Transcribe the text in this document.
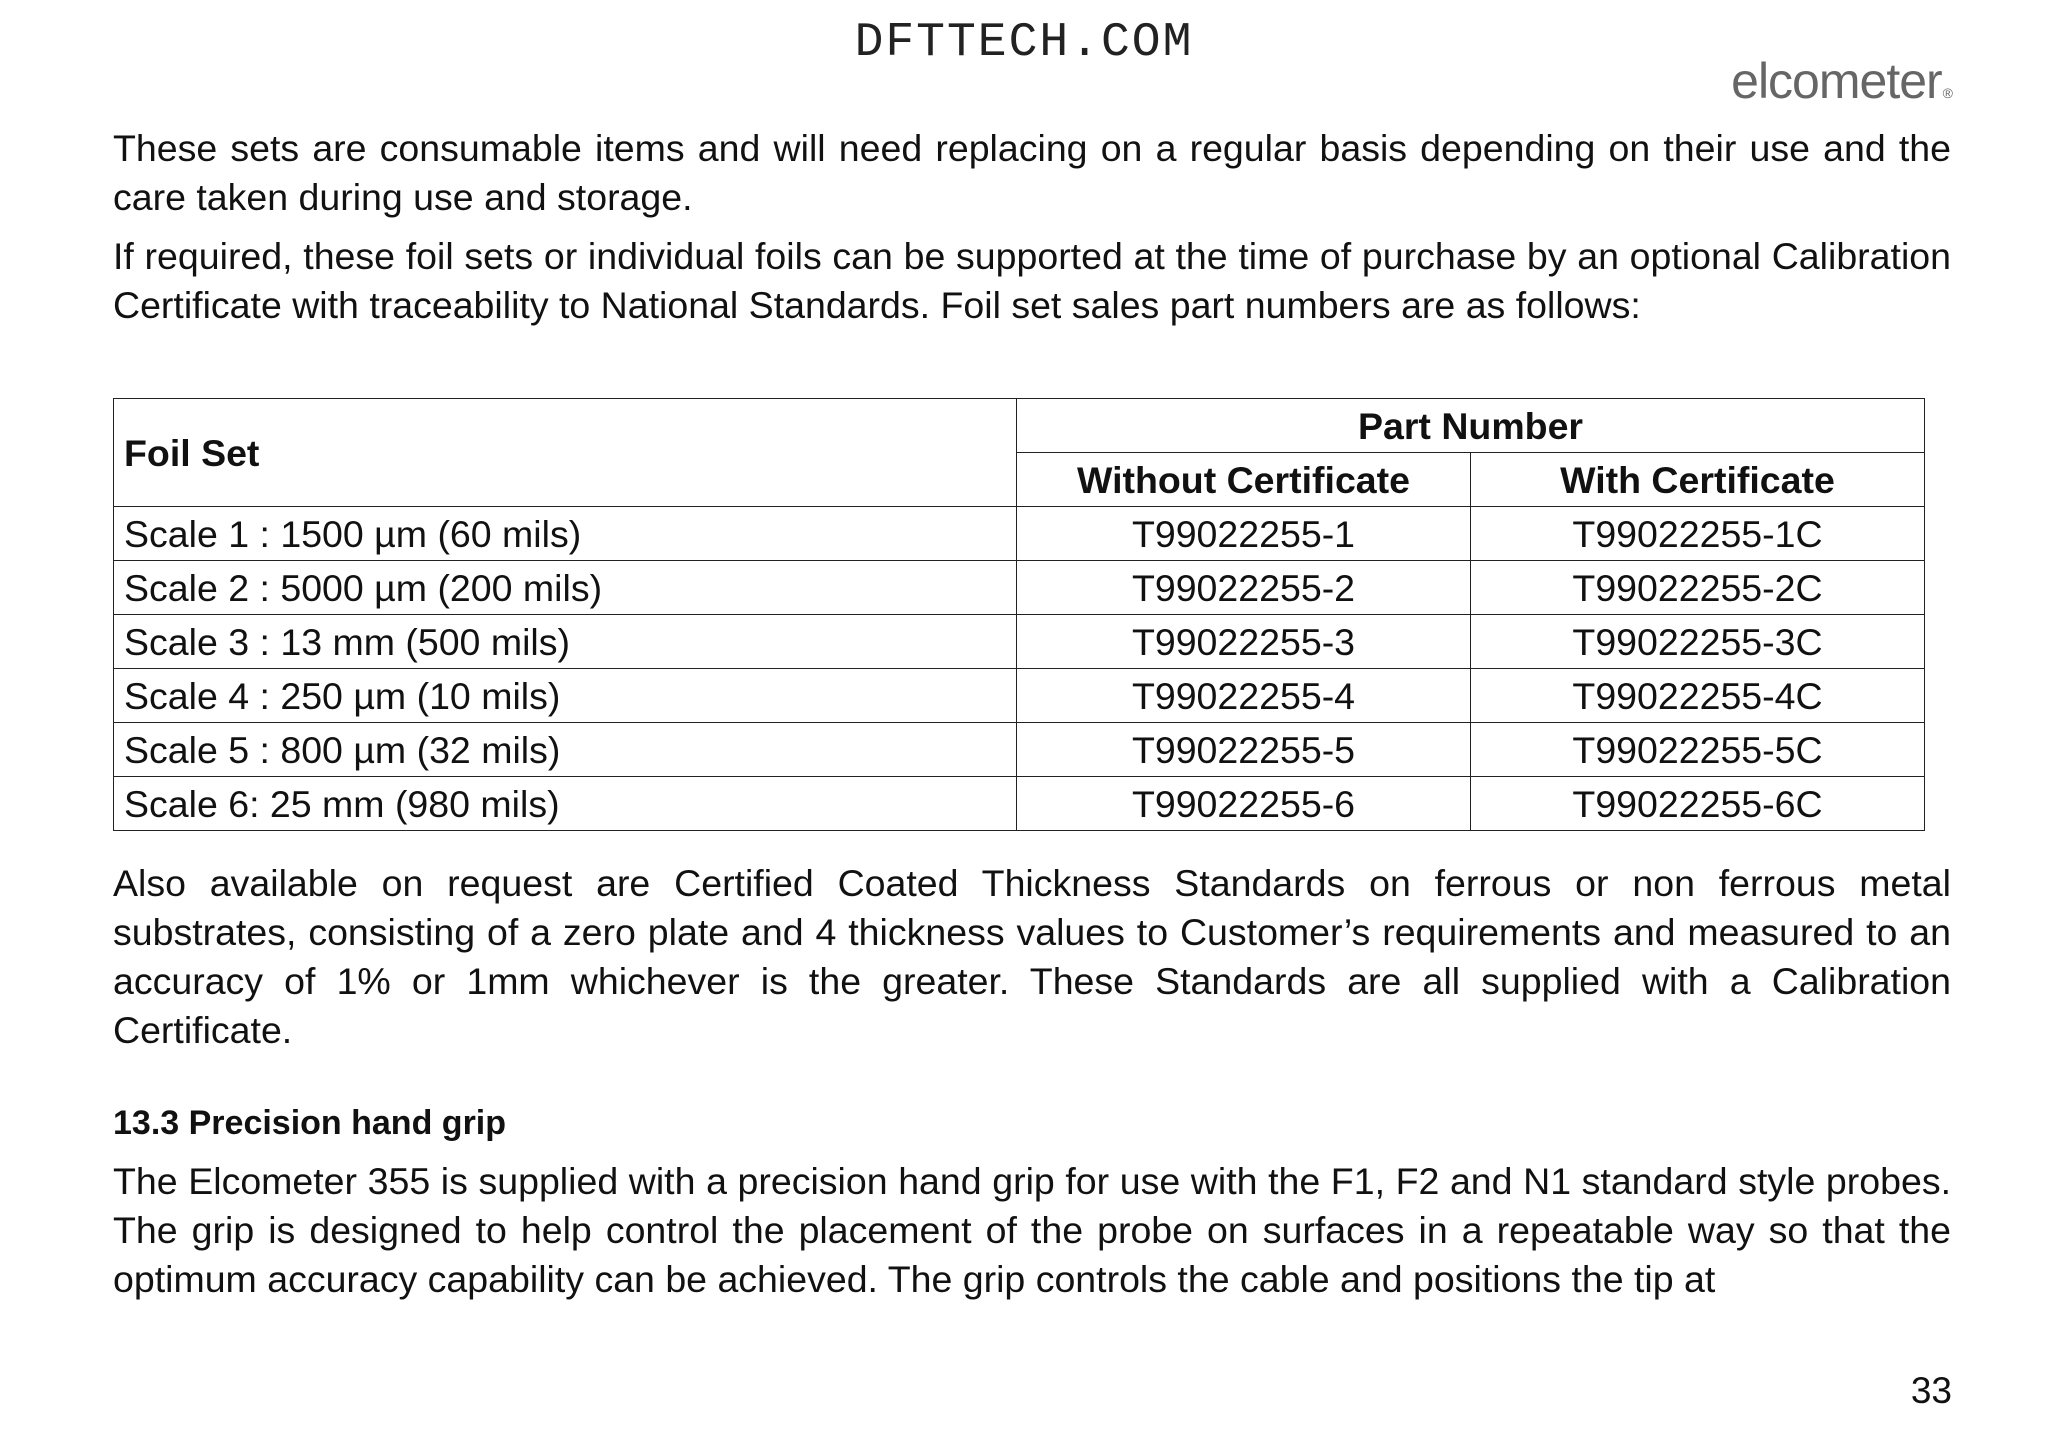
DFTTECH.COM
elcometer®

These sets are consumable items and will need replacing on a regular basis depending on their use and the care taken during use and storage.

If required, these foil sets or individual foils can be supported at the time of purchase by an optional Calibration Certificate with traceability to National Standards. Foil set sales part numbers are as follows:

Foil Set	Part Number	
	Without Certificate	With Certificate
Scale 1 : 1500 µm (60 mils)	T99022255-1	T99022255-1C
Scale 2 : 5000 µm (200 mils)	T99022255-2	T99022255-2C
Scale 3 : 13 mm (500 mils)	T99022255-3	T99022255-3C
Scale 4 : 250 µm (10 mils)	T99022255-4	T99022255-4C
Scale 5 : 800 µm (32 mils)	T99022255-5	T99022255-5C
Scale 6: 25 mm (980 mils)	T99022255-6	T99022255-6C

Also available on request are Certified Coated Thickness Standards on ferrous or non ferrous metal substrates, consisting of a zero plate and 4 thickness values to Customer’s requirements and measured to an accuracy of 1% or 1mm whichever is the greater. These Standards are all supplied with a Calibration Certificate.

13.3 Precision hand grip

The Elcometer 355 is supplied with a precision hand grip for use with the F1, F2 and N1 standard style probes. The grip is designed to help control the placement of the probe on surfaces in a repeatable way so that the optimum accuracy capability can be achieved. The grip controls the cable and positions the tip at

33
